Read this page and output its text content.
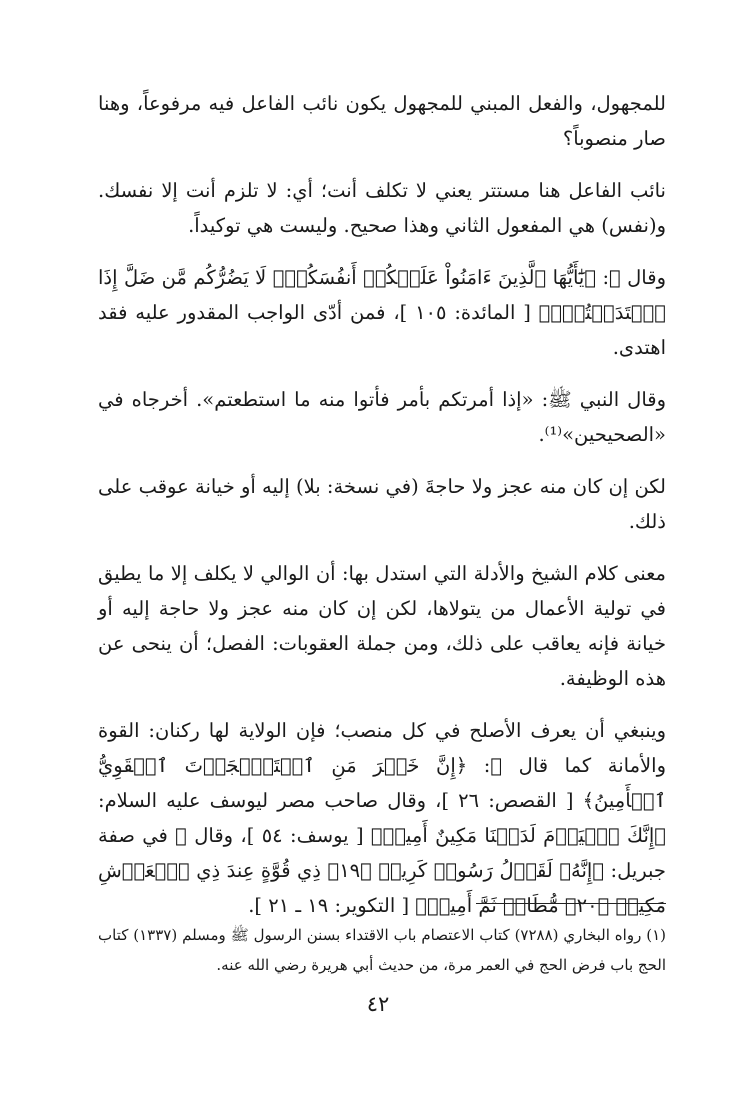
للمجهول، والفعل المبني للمجهول يكون نائب الفاعل فيه مرفوعاً، وهنا صار منصوباً؟

نائب الفاعل هنا مستتر يعني لا تكلف أنت؛ أي: لا تلزم أنت إلا نفسك. و(نفس) هي المفعول الثاني وهذا صحيح. وليست هي توكيداً.

وقال ﷺ: ﴿يَٰٓأَيُّهَا ٱلَّذِينَ ءَامَنُواْ عَلَيۡكُمۡ أَنفُسَكُمۡۖ لَا يَضُرُّكُم مَّن ضَلَّ إِذَا ٱهۡتَدَيۡتُمۡۚ﴾ [ المائدة: ١٠٥ ]، فمن أدّى الواجب المقدور عليه فقد اهتدى.

وقال النبي ﷺ: «إذا أمرتكم بأمر فأتوا منه ما استطعتم». أخرجاه في «الصحيحين»⁽¹⁾.

لكن إن كان منه عجز ولا حاجةَ (في نسخة: بلا) إليه أو خيانة عوقب على ذلك.

معنى كلام الشيخ والأدلة التي استدل بها: أن الوالي لا يكلف إلا ما يطيق في تولية الأعمال من يتولاها، لكن إن كان منه عجز ولا حاجة إليه أو خيانة فإنه يعاقب على ذلك، ومن جملة العقوبات: الفصل؛ أن ينحى عن هذه الوظيفة.

وينبغي أن يعرف الأصلح في كل منصب؛ فإن الولاية لها ركنان: القوة والأمانة كما قال ﷺ: ﴿إِنَّ خَيۡرَ مَنِ ٱسۡتَـٔۡجَرۡتَ ٱلۡقَوِيُّ ٱلۡأَمِينُ﴾ [ القصص: ٢٦ ]، وقال صاحب مصر ليوسف عليه السلام: ﴿إِنَّكَ ٱلۡيَوۡمَ لَدَيۡنَا مَكِينٌ أَمِينٞ﴾ [ يوسف: ٥٤ ]، وقال ﷺ في صفة جبريل: ﴿إِنَّهُۥ لَقَوۡلُ رَسُولٖ كَرِيمٖ ﴿١٩﴾ ذِي قُوَّةٍ عِندَ ذِي ٱلۡعَرۡشِ مَكِينٖ ﴿٢٠﴾ مُّطَاعٖ ثَمَّ أَمِينٖ﴾ [ التكوير: ١٩ ـ ٢١ ].

(١) رواه البخاري (٧٢٨٨) كتاب الاعتصام باب الاقتداء بسنن الرسول ﷺ ومسلم (١٣٣٧) كتاب الحج باب فرض الحج في العمر مرة، من حديث أبي هريرة رضي الله عنه.
٤٢
